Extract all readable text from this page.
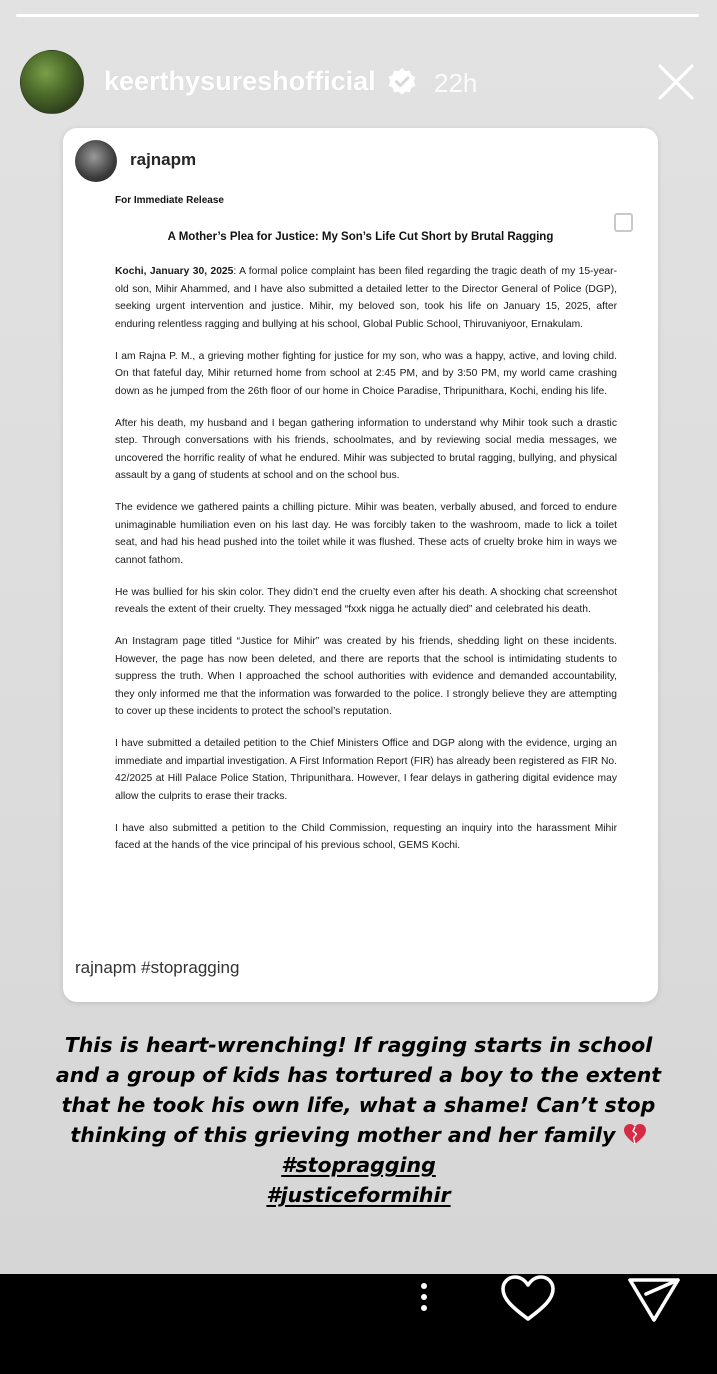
keerthysureshofficial 22h
rajnapm
For Immediate Release
A Mother’s Plea for Justice: My Son’s Life Cut Short by Brutal Ragging

Kochi, January 30, 2025: A formal police complaint has been filed regarding the tragic death of my 15-year-old son, Mihir Ahammed, and I have also submitted a detailed letter to the Director General of Police (DGP), seeking urgent intervention and justice. Mihir, my beloved son, took his life on January 15, 2025, after enduring relentless ragging and bullying at his school, Global Public School, Thiruvaniyoor, Ernakulam.

I am Rajna P. M., a grieving mother fighting for justice for my son, who was a happy, active, and loving child. On that fateful day, Mihir returned home from school at 2:45 PM, and by 3:50 PM, my world came crashing down as he jumped from the 26th floor of our home in Choice Paradise, Thripunithara, Kochi, ending his life.

After his death, my husband and I began gathering information to understand why Mihir took such a drastic step. Through conversations with his friends, schoolmates, and by reviewing social media messages, we uncovered the horrific reality of what he endured. Mihir was subjected to brutal ragging, bullying, and physical assault by a gang of students at school and on the school bus.

The evidence we gathered paints a chilling picture. Mihir was beaten, verbally abused, and forced to endure unimaginable humiliation even on his last day. He was forcibly taken to the washroom, made to lick a toilet seat, and had his head pushed into the toilet while it was flushed. These acts of cruelty broke him in ways we cannot fathom.

He was bullied for his skin color. They didn’t end the cruelty even after his death. A shocking chat screenshot reveals the extent of their cruelty. They messaged “fxxk nigga he actually died” and celebrated his death.

An Instagram page titled “Justice for Mihir” was created by his friends, shedding light on these incidents. However, the page has now been deleted, and there are reports that the school is intimidating students to suppress the truth. When I approached the school authorities with evidence and demanded accountability, they only informed me that the information was forwarded to the police. I strongly believe they are attempting to cover up these incidents to protect the school’s reputation.

I have submitted a detailed petition to the Chief Ministers Office and DGP along with the evidence, urging an immediate and impartial investigation. A First Information Report (FIR) has already been registered as FIR No. 42/2025 at Hill Palace Police Station, Thripunithara. However, I fear delays in gathering digital evidence may allow the culprits to erase their tracks.

I have also submitted a petition to the Child Commission, requesting an inquiry into the harassment Mihir faced at the hands of the vice principal of his previous school, GEMS Kochi.

rajnapm #stopragging
This is heart-wrenching! If ragging starts in school and a group of kids has tortured a boy to the extent that he took his own life, what a shame! Can’t stop thinking of this grieving mother and her family
#stopragging
#justiceformihir
